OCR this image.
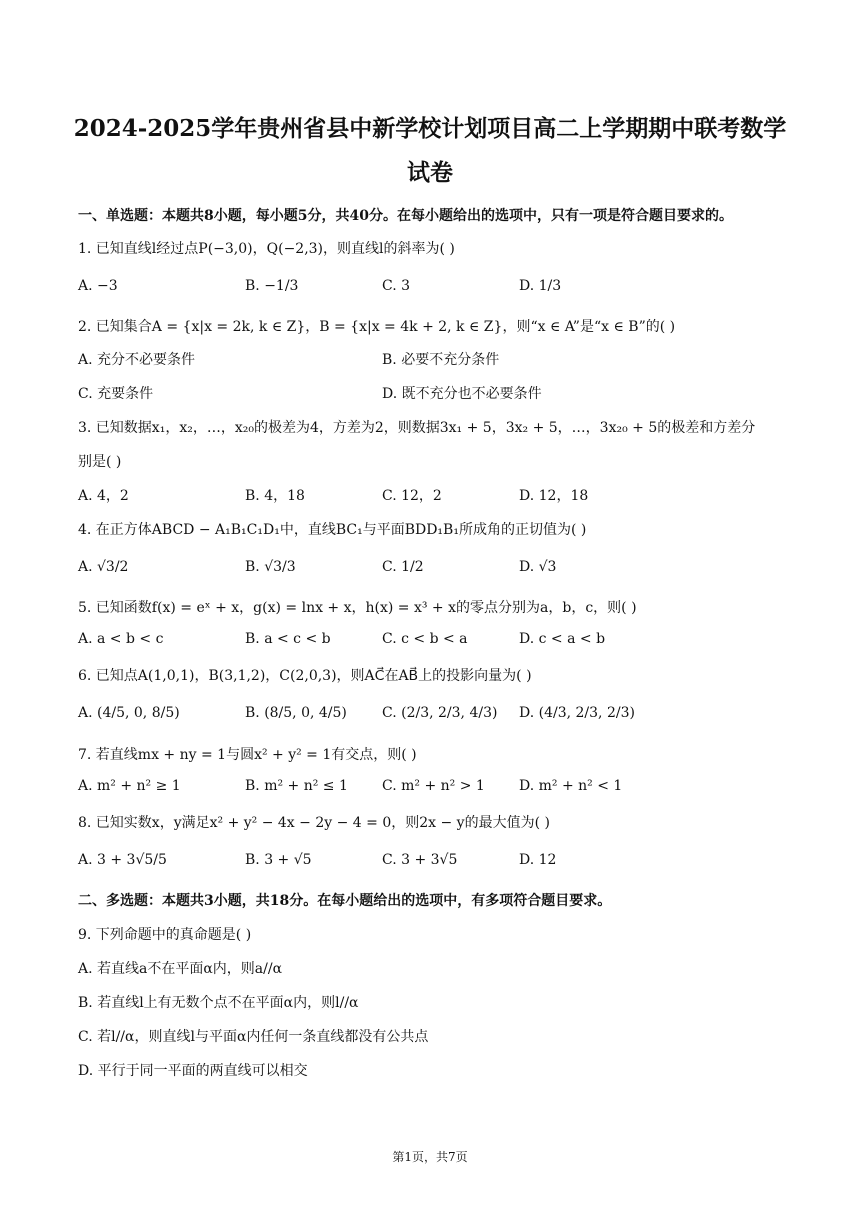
2024-2025学年贵州省县中新学校计划项目高二上学期期中联考数学
试卷
一、单选题：本题共8小题，每小题5分，共40分。在每小题给出的选项中，只有一项是符合题目要求的。
1. 已知直线l经过点P(−3,0)，Q(−2,3)，则直线l的斜率为( )
A. −3	B. −1/3	C. 3	D. 1/3
2. 已知集合A = {x|x = 2k, k ∈ Z}，B = {x|x = 4k + 2, k ∈ Z}，则“x ∈ A”是“x ∈ B”的( )
A. 充分不必要条件	B. 必要不充分条件
C. 充要条件	D. 既不充分也不必要条件
3. 已知数据x₁，x₂，…，x₂₀的极差为4，方差为2，则数据3x₁ + 5，3x₂ + 5，…，3x₂₀ + 5的极差和方差分
别是( )
A. 4，2	B. 4，18	C. 12，2	D. 12，18
4. 在正方体ABCD − A₁B₁C₁D₁中，直线BC₁与平面BDD₁B₁所成角的正切值为( )
A. √3/2	B. √3/3	C. 1/2	D. √3
5. 已知函数f(x) = eˣ + x，g(x) = lnx + x，h(x) = x³ + x的零点分别为a，b，c，则( )
A. a < b < c	B. a < c < b	C. c < b < a	D. c < a < b
6. 已知点A(1,0,1)，B(3,1,2)，C(2,0,3)，则AC⃗在AB⃗上的投影向量为( )
A. (4/5, 0, 8/5)	B. (8/5, 0, 4/5)	C. (2/3, 2/3, 4/3) D. (4/3, 2/3, 2/3)
7. 若直线mx + ny = 1与圆x² + y² = 1有交点，则( )
A. m² + n² ≥ 1	B. m² + n² ≤ 1 C. m² + n² > 1 D. m² + n² < 1
8. 已知实数x，y满足x² + y² − 4x − 2y − 4 = 0，则2x − y的最大值为( )
A. 3 + 3√5/5	B. 3 + √5	C. 3 + 3√5	D. 12
二、多选题：本题共3小题，共18分。在每小题给出的选项中，有多项符合题目要求。
9. 下列命题中的真命题是( )
A. 若直线a不在平面α内，则a//α
B. 若直线l上有无数个点不在平面α内，则l//α
C. 若l//α，则直线l与平面α内任何一条直线都没有公共点
D. 平行于同一平面的两直线可以相交
第1页，共7页
